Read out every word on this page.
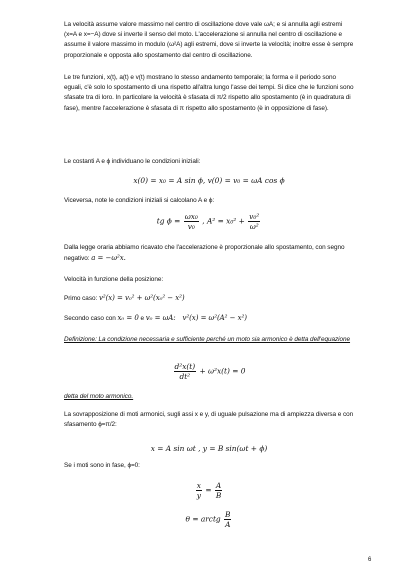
La velocità assume valore massimo nel centro di oscillazione dove vale ωA; e si annulla agli estremi (x=A e x=−A) dove si inverte il senso del moto. L'accelerazione si annulla nel centro di oscillazione e assume il valore massimo in modulo (ω²A) agli estremi, dove si inverte la velocità; inoltre esse è sempre proporzionale e opposta allo spostamento dal centro di oscillazione.
Le tre funzioni, x(t), a(t) e v(t) mostrano lo stesso andamento temporale; la forma e il periodo sono eguali, c'è solo lo spostamento di una rispetto all'altra lungo l'asse dei tempi. Si dice che le funzioni sono sfasate tra di loro. In particolare la velocità è sfasata di π/2 rispetto allo spostamento (è in quadratura di fase), mentre l'accelerazione è sfasata di π rispetto allo spostamento (è in opposizione di fase).
Le costanti A e ϕ individuano le condizioni iniziali:
x(0) = x₀ = A sin ϕ, v(0) = v₀ = ωA cos ϕ
Viceversa, note le condizioni iniziali si calcolano A e ϕ:
tg $\phi = \frac{\text{ωx₀}}{\text{v₀}}$ , $A^2 = x_0^2 + \frac{\text{v₀²}}{\text{ω²}}$
Dalla legge oraria abbiamo ricavato che l'accelerazione è proporzionale allo spostamento, con segno negativo: a = −ω²x.
Velocità in funzione della posizione:
Primo caso: v²(x) = v₀² + ω²(x₀² − x²)
Secondo caso con x₀ = 0 e v₀ = ωA: v²(x) = ω²(A² − x²)
Definizione: La condizione necessaria e sufficiente perché un moto sia armonico è detta dell'equazione
$\frac{\text{d²x(t)}}{\text{dt²}} + \omega^2x(t) = 0$
detta del moto armonico.
La sovrapposizione di moti armonici, sugli assi x e y, di uguale pulsazione ma di ampiezza diversa e con sfasamento ϕ=π/2:
x = A sin ωt , y = B sin(ωt + ϕ)
Se i moti sono in fase, ϕ=0:
$\frac{x}{y} = \frac{A}{B}$
θ = arctg $\frac{B}{A}$
6
